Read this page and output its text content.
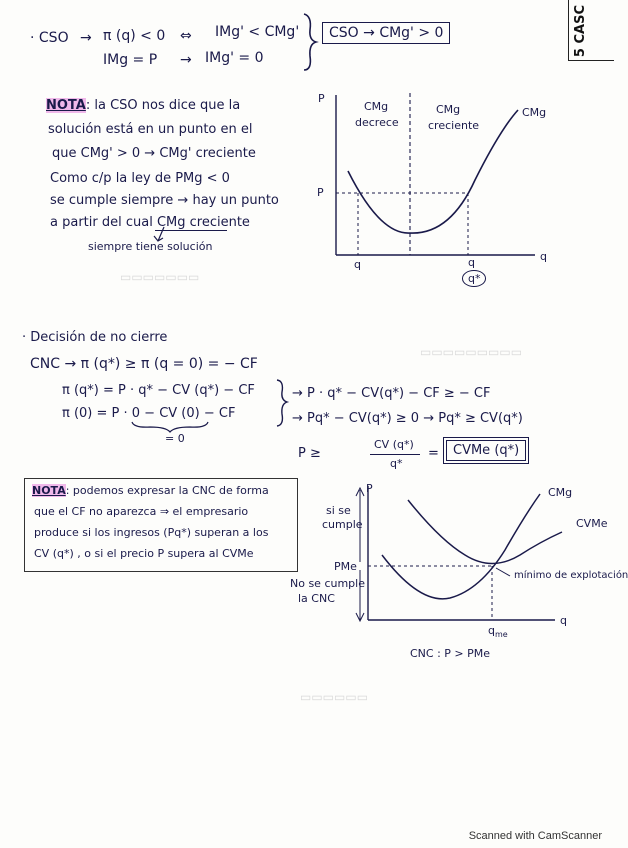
▭▭▭▭▭▭▭
▭▭▭▭▭▭▭▭▭
▭▭▭▭▭▭
5 CASC
· CSO → π (q) < 0 ⇔ IMg' < CMg'
IMg = P → IMg' = 0
CSO → CMg' > 0
NOTA: la CSO nos dice que la
solución está en un punto en el
que CMg' > 0 → CMg' creciente
Como c/p la ley de PMg < 0
se cumple siempre → hay un punto
a partir del cual CMg creciente
siempre tiene solución
P
P
q
CMg
decrece
CMg
creciente
CMg
q	q
q*
· Decisión de no cierre
CNC → π (q*) ≥ π (q = 0) = − CF
π (q*) = P · q* − CV (q*) − CF
π (0) = P · 0 − CV (0) − CF
= 0
→ P · q* − CV(q*) − CF ≥ − CF
→ Pq* − CV(q*) ≥ 0 → Pq* ≥ CV(q*)
P ≥
CV (q*)
q*
=	CVMe (q*)
NOTA: podemos expresar la CNC de forma
que el CF no aparezca ⇒ el empresario
produce si los ingresos (Pq*) superan a los
CV (q*) , o si el precio P supera al CVMe
P	CMg
CVMe
si se
cumple
PMe
No se cumple
la CNC
mínimo de explotación
q
$q_{me}$
CNC : P > PMe
Scanned with CamScanner
